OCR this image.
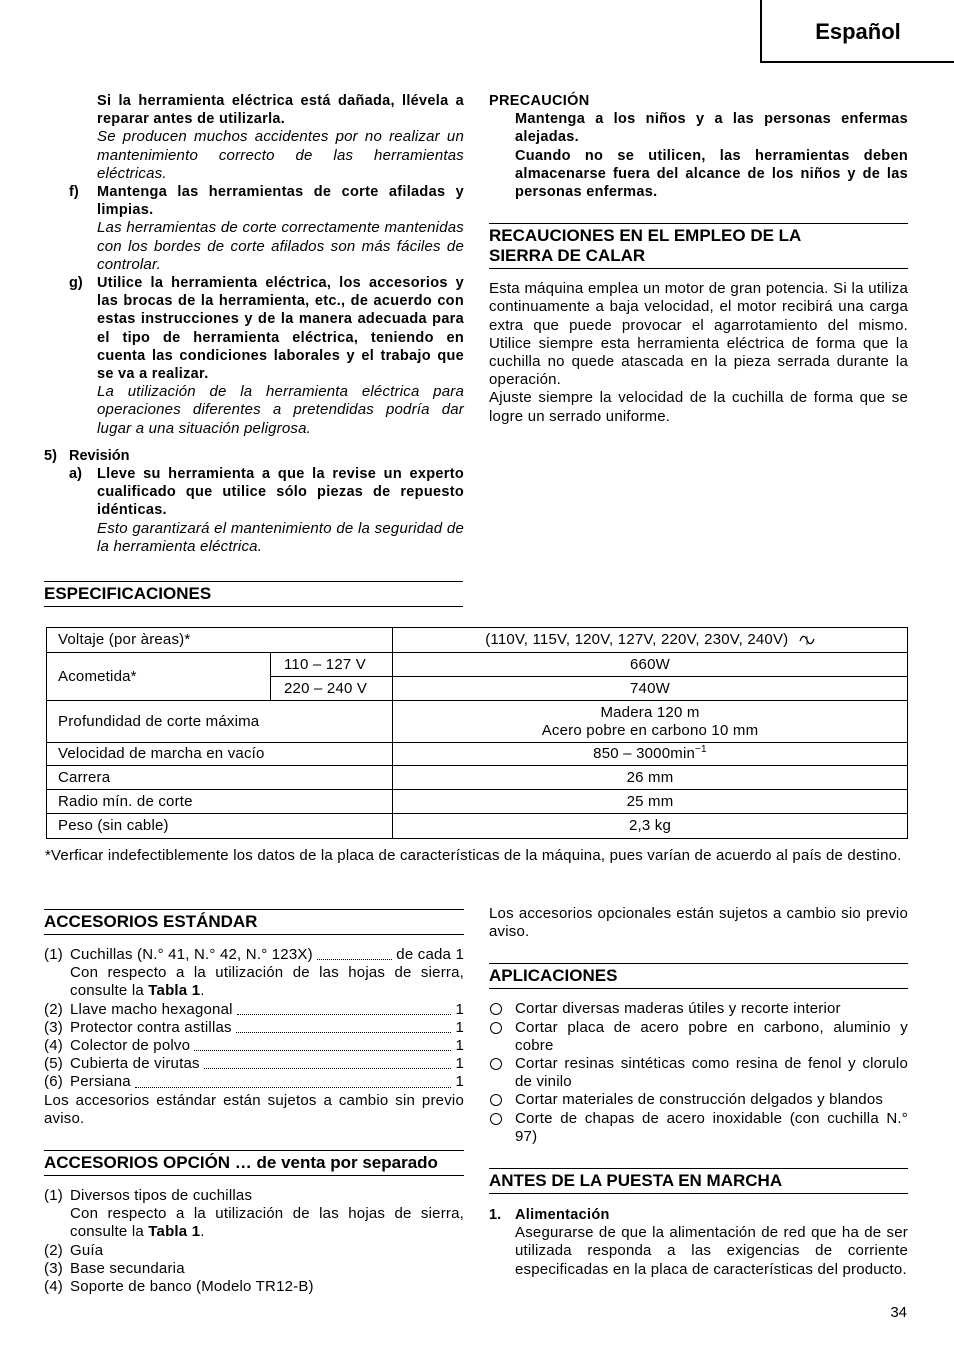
Español

Si la herramienta eléctrica está dañada, llévela a reparar antes de utilizarla.

Se producen muchos accidentes por no realizar un mantenimiento correcto de las herramientas eléctricas.

f) Mantenga las herramientas de corte afiladas y limpias.

Las herramientas de corte correctamente mantenidas con los bordes de corte afilados son más fáciles de controlar.

g) Utilice la herramienta eléctrica, los accesorios y las brocas de la herramienta, etc., de acuerdo con estas instrucciones y de la manera adecuada para el tipo de herramienta eléctrica, teniendo en cuenta las condiciones laborales y el trabajo que se va a realizar.

La utilización de la herramienta eléctrica para operaciones diferentes a pretendidas podría dar lugar a una situación peligrosa.

5) Revisión
a) Lleve su herramienta a que la revise un experto cualificado que utilice sólo piezas de repuesto idénticas.

Esto garantizará el mantenimiento de la seguridad de la herramienta eléctrica.

PRECAUCIÓN

Mantenga a los niños y a las personas enfermas alejadas.

Cuando no se utilicen, las herramientas deben almacenarse fuera del alcance de los niños y de las personas enfermas.

RECAUCIONES EN EL EMPLEO DE LA SIERRA DE CALAR

Esta máquina emplea un motor de gran potencia. Si la utiliza continuamente a baja velocidad, el motor recibirá una carga extra que puede provocar el agarrotamiento del mismo. Utilice siempre esta herramienta eléctrica de forma que la cuchilla no quede atascada en la pieza serrada durante la operación.

Ajuste siempre la velocidad de la cuchilla de forma que se logre un serrado uniforme.

ESPECIFICACIONES
Voltaje (por àreas)*		(110V, 115V, 120V, 127V, 220V, 230V, 240V)
Acometida*	110 – 127 V	660W
	220 – 240 V	740W
Profundidad de corte máxima		Madera 120 m
Acero pobre en carbono 10 mm

Velocidad de marcha en vacío		$850 - 3000\min^{-1}$
Carrera		26 mm
Radio mín. de corte		25 mm
Peso (sin cable)		2,3 kg

*Verficar indefectiblemente los datos de la placa de características de la máquina, pues varían de acuerdo al país de destino.

ACCESORIOS ESTÁNDAR
(1) Cuchillas (N.° 41, N.° 42, N.° 123X)	de cada 1
Con respecto a la utilización de las hojas de sierra, consulte la Tabla 1.
(2) Llave macho hexagonal	1
(3) Protector contra astillas	1
(4) Colector de polvo	1
(5) Cubierta de virutas	1
(6) Persiana	1

Los accesorios estándar están sujetos a cambio sin previo aviso.

ACCESORIOS OPCIÓN … de venta por separado
(1) Diversos tipos de cuchillas
Con respecto a la utilización de las hojas de sierra, consulte la Tabla 1.
(2) Guía
(3) Base secundaria
(4) Soporte de banco (Modelo TR12-B)

Los accesorios opcionales están sujetos a cambio sio previo aviso.

APLICACIONES
Cortar diversas maderas útiles y recorte interior
Cortar placa de acero pobre en carbono, aluminio y cobre
Cortar resinas sintéticas como resina de fenol y clorulo de vinilo
Cortar materiales de construcción delgados y blandos
Corte de chapas de acero inoxidable (con cuchilla N.° 97)
ANTES DE LA PUESTA EN MARCHA
1. Alimentación

Asegurarse de que la alimentación de red que ha de ser utilizada responda a las exigencias de corriente especificadas en la placa de características del producto.

34
